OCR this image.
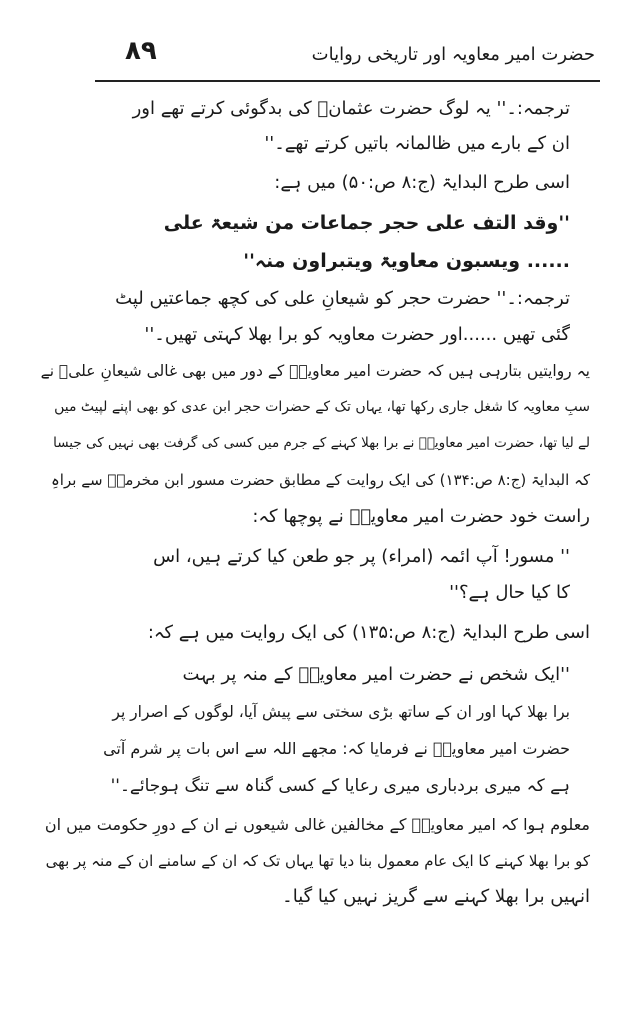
۸۹	حضرت امیر معاویہ اور تاریخی روایات
ترجمہ:۔'' یہ لوگ حضرت عثمانؓ کی بدگوئی کرتے تھے اور
ان کے بارے میں ظالمانہ باتیں کرتے تھے۔''
اسی طرح البدایۃ (ج:۸ ص:۵۰) میں ہے:
''وقد التف علی حجر جماعات من شیعۃ علی
...... ویسبون معاویۃ ویتبراون منہ''
ترجمہ:۔'' حضرت حجر کو شیعانِ علی کی کچھ جماعتیں لپٹ
گئی تھیں ......اور حضرت معاویہ کو برا بھلا کہتی تھیں۔''
یہ روایتیں بتارہی ہیں کہ حضرت امیر معاویہؓ کے دور میں بھی غالی شیعانِ علیؓ نے
سبِ معاویہ کا شغل جاری رکھا تھا، یہاں تک کے حضرات حجر ابن عدی کو بھی اپنے لپیٹ میں
لے لیا تھا، حضرت امیر معاویہؓ نے برا بھلا کہنے کے جرم میں کسی کی گرفت بھی نہیں کی جیسا
کہ البدایۃ (ج:۸ ص:۱۳۴) کی ایک روایت کے مطابق حضرت مسور ابن مخرمہؓ سے براہِ
راست خود حضرت امیر معاویہؓ نے پوچھا کہ:
'' مسور! آپ ائمہ (امراء) پر جو طعن کیا کرتے ہیں، اس
کا کیا حال ہے؟''
اسی طرح البدایۃ (ج:۸ ص:۱۳۵) کی ایک روایت میں ہے کہ:
''ایک شخص نے حضرت امیر معاویہؓ کے منہ پر بہت
برا بھلا کہا اور ان کے ساتھ بڑی سختی سے پیش آیا، لوگوں کے اصرار پر
حضرت امیر معاویہؓ نے فرمایا کہ: مجھے اللہ سے اس بات پر شرم آتی
ہے کہ میری بردباری میری رعایا کے کسی گناہ سے تنگ ہوجائے۔''
معلوم ہوا کہ امیر معاویہؓ کے مخالفین غالی شیعوں نے ان کے دورِ حکومت میں ان
کو برا بھلا کہنے کا ایک عام معمول بنا دیا تھا یہاں تک کہ ان کے سامنے ان کے منہ پر بھی
انہیں برا بھلا کہنے سے گریز نہیں کیا گیا۔
